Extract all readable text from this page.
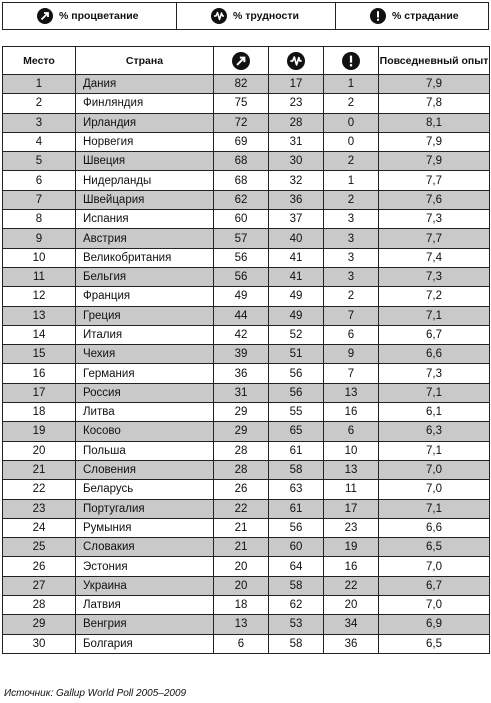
% процветание	% трудности	% страдание
Место	Страна				Повседневный опыт
1	Дания	82	17	1	7,9
2	Финляндия	75	23	2	7,8
3	Ирландия	72	28	0	8,1
4	Норвегия	69	31	0	7,9
5	Швеция	68	30	2	7,9
6	Нидерланды	68	32	1	7,7
7	Швейцария	62	36	2	7,6
8	Испания	60	37	3	7,3
9	Австрия	57	40	3	7,7
10	Великобритания	56	41	3	7,4
11	Бельгия	56	41	3	7,3
12	Франция	49	49	2	7,2
13	Греция	44	49	7	7,1
14	Италия	42	52	6	6,7
15	Чехия	39	51	9	6,6
16	Германия	36	56	7	7,3
17	Россия	31	56	13	7,1
18	Литва	29	55	16	6,1
19	Косово	29	65	6	6,3
20	Польша	28	61	10	7,1
21	Словения	28	58	13	7,0
22	Беларусь	26	63	11	7,0
23	Португалия	22	61	17	7,1
24	Румыния	21	56	23	6,6
25	Словакия	21	60	19	6,5
26	Эстония	20	64	16	7,0
27	Украина	20	58	22	6,7
28	Латвия	18	62	20	7,0
29	Венгрия	13	53	34	6,9
30	Болгария	6	58	36	6,5
Источник: Gallup World Poll 2005–2009
